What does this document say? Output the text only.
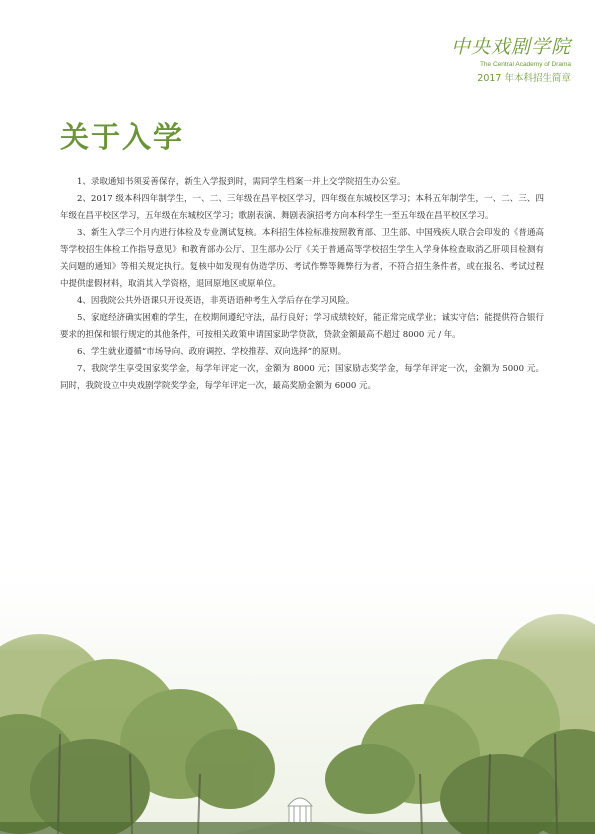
中央戏剧学院
The Central Academy of Drama
2017 年本科招生简章
关于入学

1、录取通知书须妥善保存，新生入学报到时，需同学生档案一并上交学院招生办公室。

2、2017 级本科四年制学生，一、二、三年级在昌平校区学习，四年级在东城校区学习；本科五年制学生，一、二、三、四年级在昌平校区学习，五年级在东城校区学习；歌剧表演、舞剧表演招考方向本科学生一至五年级在昌平校区学习。

3、新生入学三个月内进行体检及专业测试复核。本科招生体检标准按照教育部、卫生部、中国残疾人联合会印发的《普通高等学校招生体检工作指导意见》和教育部办公厅、卫生部办公厅《关于普通高等学校招生学生入学身体检查取消乙肝项目检测有关问题的通知》等相关规定执行。复核中如发现有伪造学历、考试作弊等舞弊行为者，不符合招生条件者，或在报名、考试过程中提供虚假材料，取消其入学资格，退回原地区或原单位。

4、因我院公共外语课只开设英语，非英语语种考生入学后存在学习风险。

5、家庭经济确实困难的学生，在校期间遵纪守法，品行良好；学习成绩较好，能正常完成学业；诚实守信；能提供符合银行要求的担保和银行规定的其他条件，可按相关政策申请国家助学贷款，贷款金额最高不超过 8000 元 / 年。

6、学生就业遵循“市场导向、政府调控、学校推荐、双向选择”的原则。

7、我院学生享受国家奖学金，每学年评定一次，金额为 8000 元；国家励志奖学金，每学年评定一次，金额为 5000 元。同时，我院设立中央戏剧学院奖学金，每学年评定一次，最高奖励金额为 6000 元。
